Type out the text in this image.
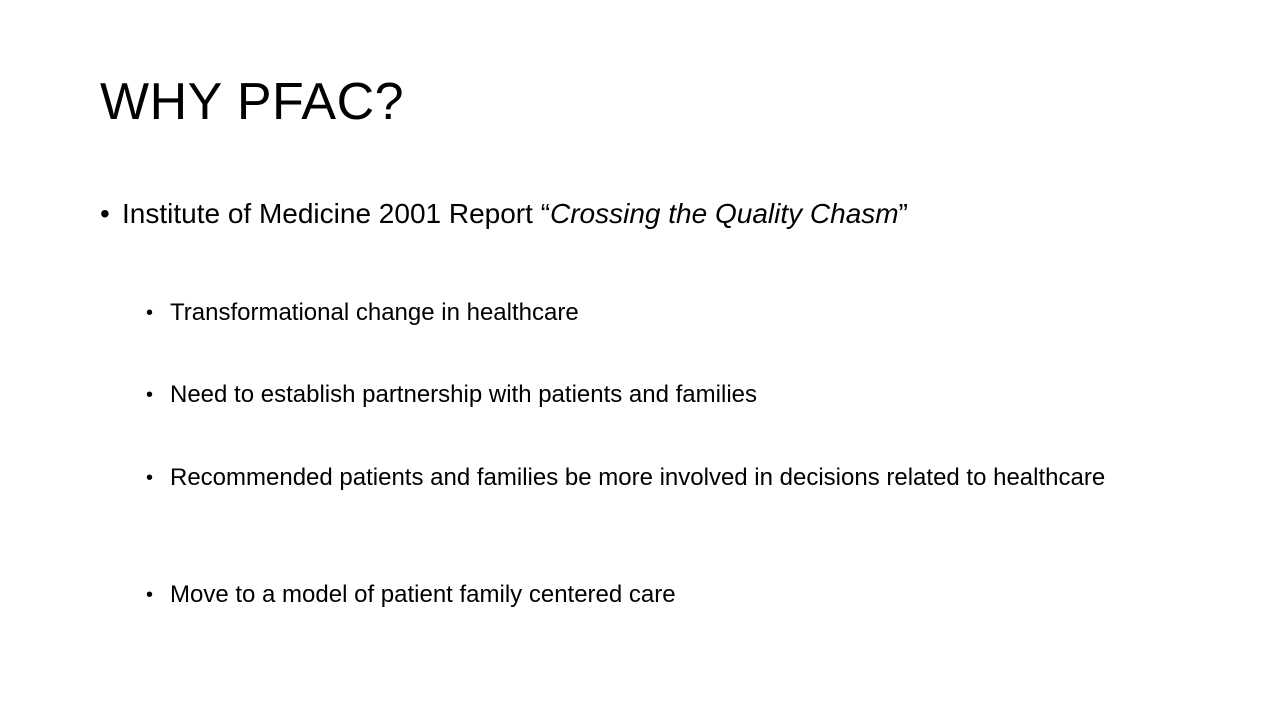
WHY PFAC?
• Institute of Medicine 2001 Report “Crossing the Quality Chasm”
• Transformational change in healthcare
• Need to establish partnership with patients and families
• Recommended patients and families be more involved in decisions related to healthcare
• Move to a model of patient family centered care
